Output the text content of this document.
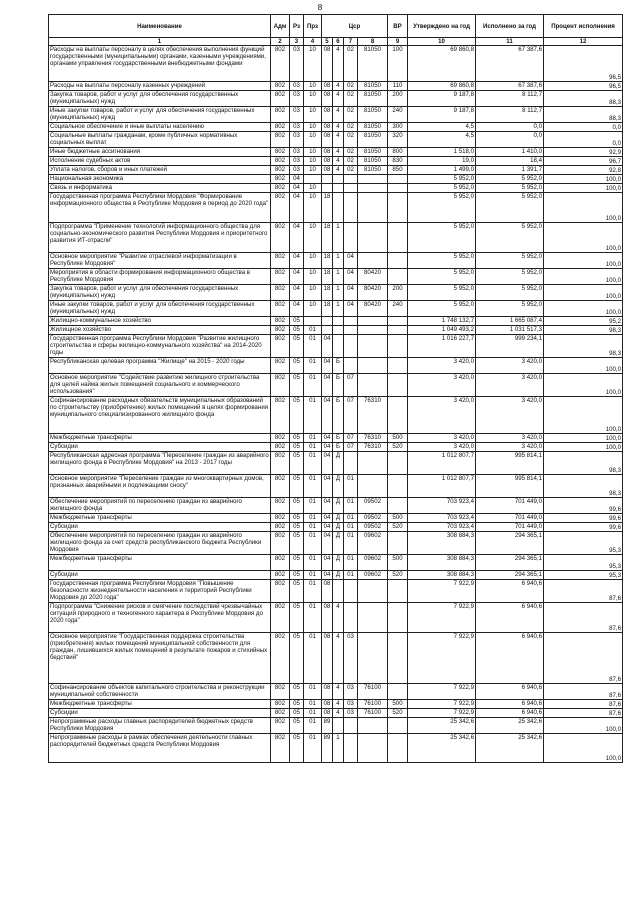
8
Наименование	Адм	Рз	Прз	Цср				ВР	Утверждено на год	Исполнено за год	Процент исполнения
1	2	3	4	5	6	7	8	9	10	11	12
Расходы на выплаты персоналу в целях обеспечения выполнения функций государственными (муниципальными) органами, казенными учреждениями, органами управления государственными внебюджетными фондами	802	03	10	08	4	02	81050	100	69 860,8	67 387,6	96,5
Расходы на выплаты персоналу казенных учреждений	802	03	10	08	4	02	81050	110	69 860,8	67 387,6	96,5
Закупка товаров, работ и услуг для обеспечения государственных (муниципальных) нужд	802	03	10	08	4	02	81050	200	9 187,8	8 112,7	88,3
Иные закупки товаров, работ и услуг для обеспечения государственных (муниципальных) нужд	802	03	10	08	4	02	81050	240	9 187,8	8 112,7	88,3
Социальное обеспечение и иные выплаты населению	802	03	10	08	4	02	81050	300	4,5	0,0	0,0
Социальные выплаты гражданам, кроме публичных нормативных социальных выплат	802	03	10	08	4	02	81050	320	4,5	0,0	0,0
Иные бюджетные ассигнования	802	03	10	08	4	02	81050	800	1 518,0	1 410,0	92,9
Исполнение судебных актов	802	03	10	08	4	02	81050	830	19,0	18,4	96,7
Уплата налогов, сборов и иных платежей	802	03	10	08	4	02	81050	850	1 499,0	1 391,7	92,8
Национальная экономика	802	04							5 952,0	5 952,0	100,0
Связь и информатика	802	04	10						5 952,0	5 952,0	100,0
Государственная программа Республики Мордовия "Формирование информационного общества в Республике Мордовия в период до 2020 года"	802	04	10	18					5 952,0	5 952,0	100,0
Подпрограмма "Применение технологий информационного общества для социально-экономического развития Республики Мордовия и приоритетного развития ИТ-отрасли"	802	04	10	18	1				5 952,0	5 952,0	100,0
Основное мероприятие "Развитие отраслевой информатизации в Республике Мордовия"	802	04	10	18	1	04			5 952,0	5 952,0	100,0
Мероприятия в области формирования информационного общества в Республике Мордовия	802	04	10	18	1	04	80420		5 952,0	5 952,0	100,0
Закупка товаров, работ и услуг для обеспечения государственных (муниципальных) нужд	802	04	10	18	1	04	80420	200	5 952,0	5 952,0	100,0
Иные закупки товаров, работ и услуг для обеспечения государственных (муниципальных) нужд	802	04	10	18	1	04	80420	240	5 952,0	5 952,0	100,0
Жилищно-коммунальное хозяйство	802	05							1 748 132,7	1 665 087,4	95,2
Жилищное хозяйство	802	05	01						1 049 493,2	1 031 517,3	98,3
Государственная программа Республики Мордовия "Развитие жилищного строительства и сферы жилищно-коммунального хозяйства" на 2014-2020 годы	802	05	01	04					1 016 227,7	999 234,1	98,3
Республиканская целевая программа "Жилище" на 2015 - 2020 годы	802	05	01	04	Б				3 420,0	3 420,0	100,0
Основное мероприятие "Содействие развитию жилищного строительства для целей найма жилых помещений социального и коммерческого использования"	802	05	01	04	Б	07			3 420,0	3 420,0	100,0
Софинансирование расходных обязательств муниципальных образований по строительству (приобретению) жилых помещений в целях формирования муниципального специализированного жилищного фонда	802	05	01	04	Б	07	76310		3 420,0	3 420,0	100,0
Межбюджетные трансферты	802	05	01	04	Б	07	76310	500	3 420,0	3 420,0	100,0
Субсидии	802	05	01	04	Б	07	76310	520	3 420,0	3 420,0	100,0
Республиканская адресная программа "Переселение граждан из аварийного жилищного фонда в Республике Мордовия" на 2013 - 2017 годы	802	05	01	04	Д				1 012 807,7	995 814,1	98,3
Основное мероприятие "Переселение граждан из многоквартирных домов, признанных аварийными и подлежащими сносу"	802	05	01	04	Д	01			1 012 807,7	995 814,1	98,3
Обеспечение мероприятий по переселению граждан из аварийного жилищного фонда	802	05	01	04	Д	01	09502		703 923,4	701 449,0	99,6
Межбюджетные трансферты	802	05	01	04	Д	01	09502	500	703 923,4	701 449,0	99,6
Субсидии	802	05	01	04	Д	01	09502	520	703 923,4	701 449,0	99,6
Обеспечение мероприятий по переселению граждан из аварийного жилищного фонда за счет средств республиканского бюджета Республики Мордовия	802	05	01	04	Д	01	09602		308 884,3	294 365,1	95,3
Межбюджетные трансферты	802	05	01	04	Д	01	09602	500	308 884,3	294 365,1	95,3
Субсидии	802	05	01	04	Д	01	09602	520	308 884,3	294 365,1	95,3
Государственная программа Республики Мордовия "Повышение безопасности жизнедеятельности населения и территорий Республики Мордовия до 2020 года"	802	05	01	08					7 922,9	6 940,6	87,6
Подпрограмма "Снижение рисков и смягчение последствий чрезвычайных ситуаций природного и техногенного характера в Республике Мордовия до 2020 года"	802	05	01	08	4				7 922,9	6 940,6	87,6
Основное мероприятие "Государственная поддержка строительства (приобретения) жилых помещений муниципальной собственности для граждан, лишившихся жилых помещений в результате пожаров и стихийных бедствий"	802	05	01	08	4	03			7 922,9	6 940,6	87,6
Софинансирование объектов капитального строительства и реконструкции муниципальной собственности	802	05	01	08	4	03	76100		7 922,9	6 940,6	87,6
Межбюджетные трансферты	802	05	01	08	4	03	76100	500	7 922,9	6 940,6	87,6
Субсидии	802	05	01	08	4	03	76100	520	7 922,9	6 940,6	87,6
Непрограммные расходы главных распорядителей бюджетных средств Республики Мордовия	802	05	01	89					25 342,6	25 342,6	100,0
Непрограммные расходы в рамках обеспечения деятельности главных распорядителей бюджетных средств Республики Мордовия	802	05	01	89	1				25 342,6	25 342,6	100,0
